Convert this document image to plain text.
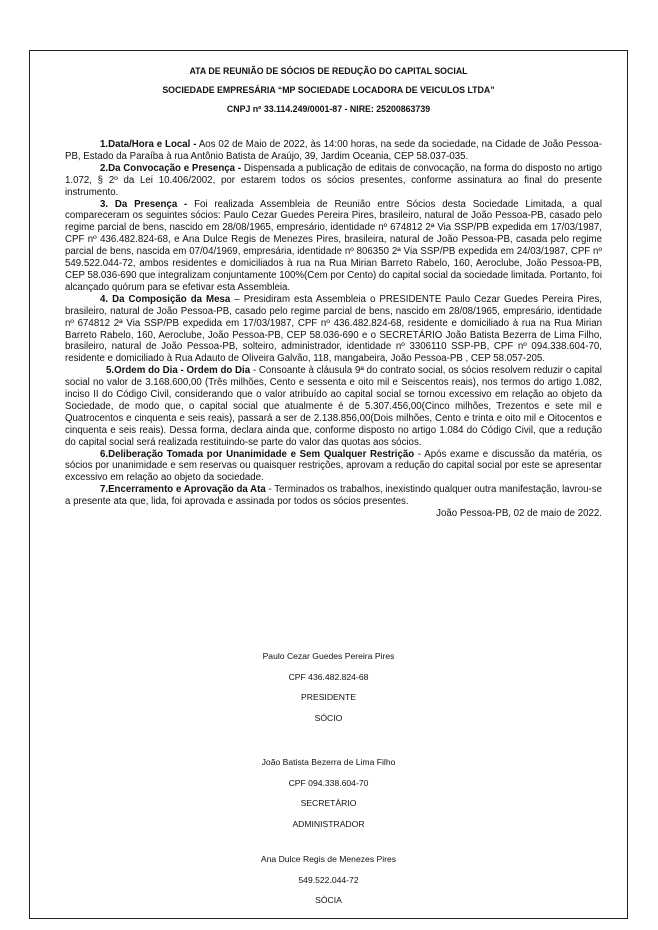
ATA DE REUNIÃO DE SÓCIOS DE REDUÇÃO DO CAPITAL SOCIAL
SOCIEDADE EMPRESÁRIA “MP SOCIEDADE LOCADORA DE VEICULOS LTDA”
CNPJ nº 33.114.249/0001-87 - NIRE: 25200863739

1.Data/Hora e Local - Aos 02 de Maio de 2022, às 14:00 horas, na sede da sociedade, na Cidade de João Pessoa-PB, Estado da Paraíba à rua Antônio Batista de Araújo, 39, Jardim Oceania, CEP 58.037-035.

2.Da Convocação e Presença - Dispensada a publicação de editais de convocação, na forma do disposto no artigo 1.072, § 2º da Lei 10.406/2002, por estarem todos os sócios presentes, conforme assinatura ao final do presente instrumento.

3. Da Presença - Foi realizada Assembleia de Reunião entre Sócios desta Sociedade Limitada, a qual compareceram os seguintes sócios: Paulo Cezar Guedes Pereira Pires, brasileiro, natural de João Pessoa-PB, casado pelo regime parcial de bens, nascido em 28/08/1965, empresário, identidade nº 674812 2ª Via SSP/PB expedida em 17/03/1987, CPF nº 436.482.824-68, e Ana Dulce Regis de Menezes Pires, brasileira, natural de João Pessoa-PB, casada pelo regime parcial de bens, nascida em 07/04/1969, empresária, identidade nº 806350 2ª Via SSP/PB expedida em 24/03/1987, CPF nº 549.522.044-72, ambos residentes e domiciliados à rua na Rua Mirian Barreto Rabelo, 160, Aeroclube, João Pessoa-PB, CEP 58.036-690 que integralizam conjuntamente 100%(Cem por Cento) do capital social da sociedade limitada. Portanto, foi alcançado quórum para se efetivar esta Assembleia.

4. Da Composição da Mesa – Presidiram esta Assembleia o PRESIDENTE Paulo Cezar Guedes Pereira Pires, brasileiro, natural de João Pessoa-PB, casado pelo regime parcial de bens, nascido em 28/08/1965, empresário, identidade nº 674812 2ª Via SSP/PB expedida em 17/03/1987, CPF nº 436.482.824-68, residente e domiciliado à rua na Rua Mirian Barreto Rabelo, 160, Aeroclube, João Pessoa-PB, CEP 58.036-690 e o SECRETÁRIO João Batista Bezerra de Lima Filho, brasileiro, natural de João Pessoa-PB, solteiro, administrador, identidade nº 3306110 SSP-PB, CPF nº 094.338.604-70, residente e domiciliado à Rua Adauto de Oliveira Galvão, 118, mangabeira, João Pessoa-PB , CEP 58.057-205.

5.Ordem do Dia - Ordem do Dia - Consoante à cláusula 9ª do contrato social, os sócios resolvem reduzir o capital social no valor de 3.168.600,00 (Três milhões, Cento e sessenta e oito mil e Seiscentos reais), nos termos do artigo 1.082, inciso II do Código Civil, considerando que o valor atribuído ao capital social se tornou excessivo em relação ao objeto da Sociedade, de modo que, o capital social que atualmente é de 5.307.456,00(Cinco milhões, Trezentos e sete mil e Quatrocentos e cinquenta e seis reais), passará a ser de 2.138.856,00(Dois milhões, Cento e trinta e oito mil e Oitocentos e cinquenta e seis reais). Dessa forma, declara ainda que, conforme disposto no artigo 1.084 do Código Civil, que a redução do capital social será realizada restituindo-se parte do valor das quotas aos sócios.

6.Deliberação Tomada por Unanimidade e Sem Qualquer Restrição - Após exame e discussão da matéria, os sócios por unanimidade e sem reservas ou quaisquer restrições, aprovam a redução do capital social por este se apresentar excessivo em relação ao objeto da sociedade.

7.Encerramento e Aprovação da Ata - Terminados os trabalhos, inexistindo qualquer outra manifestação, lavrou-se a presente ata que, lida, foi aprovada e assinada por todos os sócios presentes.

João Pessoa-PB, 02 de maio de 2022.
Paulo Cezar Guedes Pereira Pires
CPF 436.482.824-68
PRESIDENTE
SÓCIO
João Batista Bezerra de Lima Filho
CPF 094.338.604-70
SECRETÁRIO
ADMINISTRADOR
Ana Dulce Regis de Menezes Pires
549.522.044-72
SÓCIA
